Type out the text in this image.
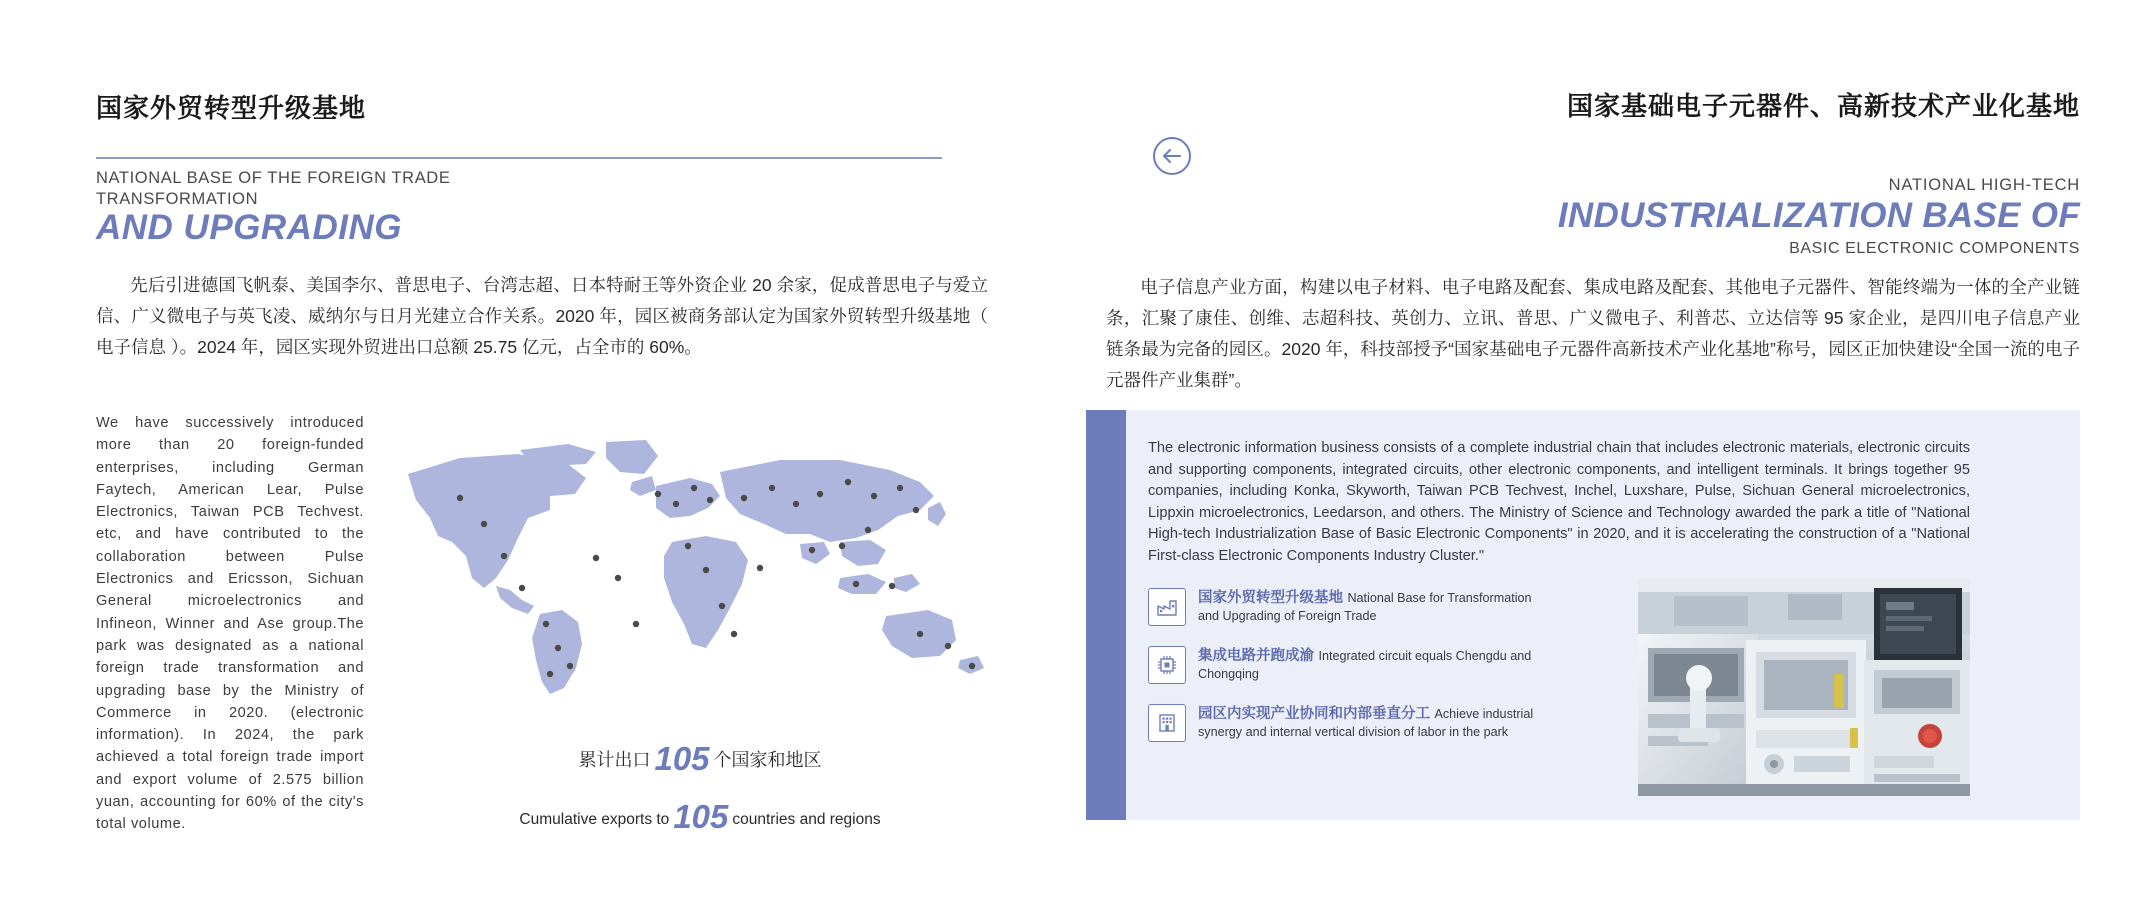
国家外贸转型升级基地
NATIONAL BASE OF THE FOREIGN TRADE TRANSFORMATION
AND UPGRADING
先后引进德国飞帆泰、美国李尔、普思电子、台湾志超、日本特耐王等外资企业 20 余家，促成普思电子与爱立信、广义微电子与英飞凌、威纳尔与日月光建立合作关系。2020 年，园区被商务部认定为国家外贸转型升级基地（ 电子信息 ）。2024 年，园区实现外贸进出口总额 25.75 亿元，占全市的 60%。
We have successively introduced more than 20 foreign-funded enterprises, including German Faytech, American Lear, Pulse Electronics, Taiwan PCB Techvest. etc, and have contributed to the collaboration between Pulse Electronics and Ericsson, Sichuan General microelectronics and Infineon, Winner and Ase group.The park was designated as a national foreign trade transformation and upgrading base by the Ministry of Commerce in 2020. (electronic information). In 2024, the park achieved a total foreign trade import and export volume of 2.575 billion yuan, accounting for 60% of the city's total volume.
累计出口 105 个国家和地区
Cumulative exports to 105 countries and regions
国家基础电子元器件、高新技术产业化基地
NATIONAL HIGH-TECH
INDUSTRIALIZATION BASE OF
BASIC ELECTRONIC COMPONENTS
电子信息产业方面，构建以电子材料、电子电路及配套、集成电路及配套、其他电子元器件、智能终端为一体的全产业链条，汇聚了康佳、创维、志超科技、英创力、立讯、普思、广义微电子、利普芯、立达信等 95 家企业，是四川电子信息产业链条最为完备的园区。2020 年，科技部授予“国家基础电子元器件高新技术产业化基地”称号，园区正加快建设“全国一流的电子元器件产业集群”。
The electronic information business consists of a complete industrial chain that includes electronic materials, electronic circuits and supporting components, integrated circuits, other electronic components, and intelligent terminals. It brings together 95 companies, including Konka, Skyworth, Taiwan PCB Techvest, Inchel, Luxshare, Pulse, Sichuan General microelectronics, Lippxin microelectronics, Leedarson, and others. The Ministry of Science and Technology awarded the park a title of "National High-tech Industrialization Base of Basic Electronic Components" in 2020, and it is accelerating the construction of a "National First-class Electronic Components Industry Cluster."
国家外贸转型升级基地 National Base for Transformation and Upgrading of Foreign Trade
集成电路并跑成渝 Integrated circuit equals Chengdu and Chongqing
园区内实现产业协同和内部垂直分工 Achieve industrial synergy and internal vertical division of labor in the park
